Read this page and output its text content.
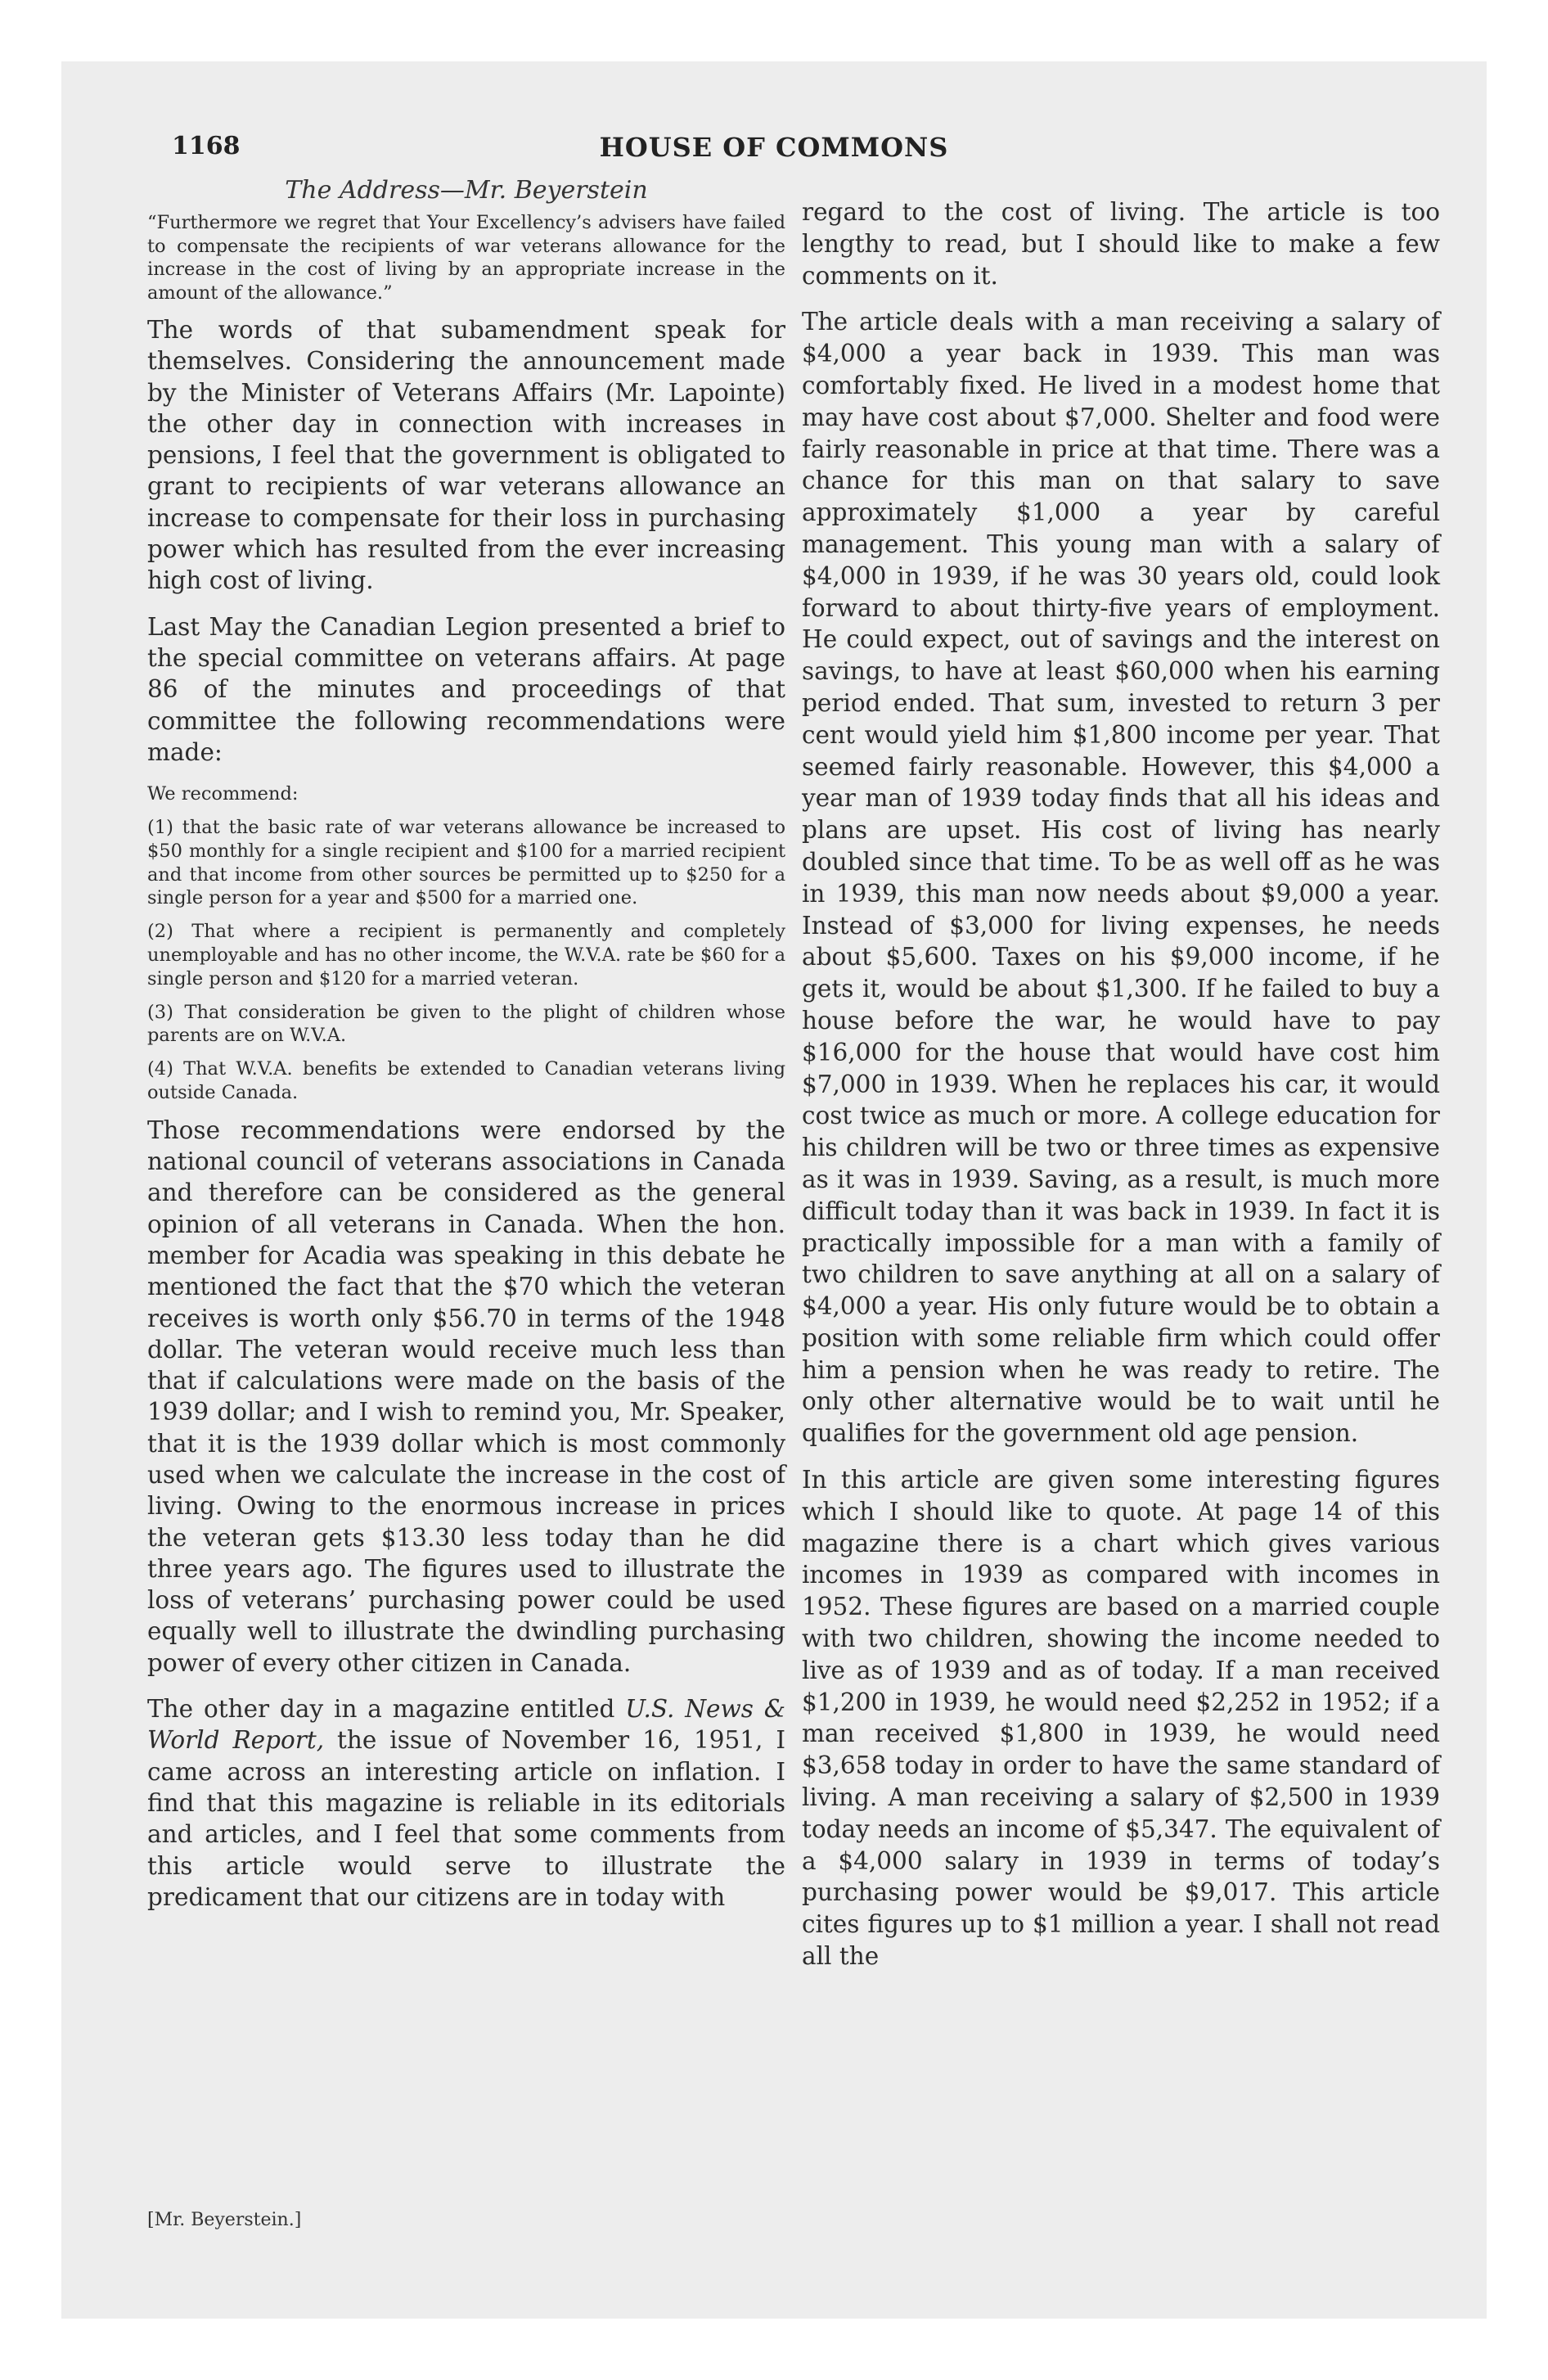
1168	HOUSE OF COMMONS
The Address—Mr. Beyerstein

“Furthermore we regret that Your Excellency’s advisers have failed to compensate the recipients of war veterans allowance for the increase in the cost of living by an appropriate increase in the amount of the allowance.”

The words of that subamendment speak for themselves. Considering the announcement made by the Minister of Veterans Affairs (Mr. Lapointe) the other day in connection with increases in pensions, I feel that the government is obligated to grant to recipients of war veterans allowance an increase to compensate for their loss in purchasing power which has resulted from the ever increasing high cost of living.

Last May the Canadian Legion presented a brief to the special committee on veterans affairs. At page 86 of the minutes and proceedings of that committee the following recommendations were made:

We recommend:

(1) that the basic rate of war veterans allowance be increased to $50 monthly for a single recipient and $100 for a married recipient and that income from other sources be permitted up to $250 for a single person for a year and $500 for a married one.

(2) That where a recipient is permanently and completely unemployable and has no other income, the W.V.A. rate be $60 for a single person and $120 for a married veteran.

(3) That consideration be given to the plight of children whose parents are on W.V.A.

(4) That W.V.A. benefits be extended to Canadian veterans living outside Canada.

Those recommendations were endorsed by the national council of veterans associations in Canada and therefore can be considered as the general opinion of all veterans in Canada. When the hon. member for Acadia was speaking in this debate he mentioned the fact that the $70 which the veteran receives is worth only $56.70 in terms of the 1948 dollar. The veteran would receive much less than that if calculations were made on the basis of the 1939 dollar; and I wish to remind you, Mr. Speaker, that it is the 1939 dollar which is most commonly used when we calculate the increase in the cost of living. Owing to the enormous increase in prices the veteran gets $13.30 less today than he did three years ago. The figures used to illustrate the loss of veterans’ purchasing power could be used equally well to illustrate the dwindling purchasing power of every other citizen in Canada.

The other day in a magazine entitled U.S. News & World Report, the issue of November 16, 1951, I came across an interesting article on inflation. I find that this magazine is reliable in its editorials and articles, and I feel that some comments from this article would serve to illustrate the predicament that our citizens are in today with

regard to the cost of living. The article is too lengthy to read, but I should like to make a few comments on it.

The article deals with a man receiving a salary of $4,000 a year back in 1939. This man was comfortably fixed. He lived in a modest home that may have cost about $7,000. Shelter and food were fairly reasonable in price at that time. There was a chance for this man on that salary to save approximately $1,000 a year by careful management. This young man with a salary of $4,000 in 1939, if he was 30 years old, could look forward to about thirty-five years of employment. He could expect, out of savings and the interest on savings, to have at least $60,000 when his earning period ended. That sum, invested to return 3 per cent would yield him $1,800 income per year. That seemed fairly reasonable. However, this $4,000 a year man of 1939 today finds that all his ideas and plans are upset. His cost of living has nearly doubled since that time. To be as well off as he was in 1939, this man now needs about $9,000 a year. Instead of $3,000 for living expenses, he needs about $5,600. Taxes on his $9,000 income, if he gets it, would be about $1,300. If he failed to buy a house before the war, he would have to pay $16,000 for the house that would have cost him $7,000 in 1939. When he replaces his car, it would cost twice as much or more. A college education for his children will be two or three times as expensive as it was in 1939. Saving, as a result, is much more difficult today than it was back in 1939. In fact it is practically impossible for a man with a family of two children to save anything at all on a salary of $4,000 a year. His only future would be to obtain a position with some reliable firm which could offer him a pension when he was ready to retire. The only other alternative would be to wait until he qualifies for the government old age pension.

In this article are given some interesting figures which I should like to quote. At page 14 of this magazine there is a chart which gives various incomes in 1939 as compared with incomes in 1952. These figures are based on a married couple with two children, showing the income needed to live as of 1939 and as of today. If a man received $1,200 in 1939, he would need $2,252 in 1952; if a man received $1,800 in 1939, he would need $3,658 today in order to have the same standard of living. A man receiving a salary of $2,500 in 1939 today needs an income of $5,347. The equivalent of a $4,000 salary in 1939 in terms of today’s purchasing power would be $9,017. This article cites figures up to $1 million a year. I shall not read all the

[Mr. Beyerstein.]
